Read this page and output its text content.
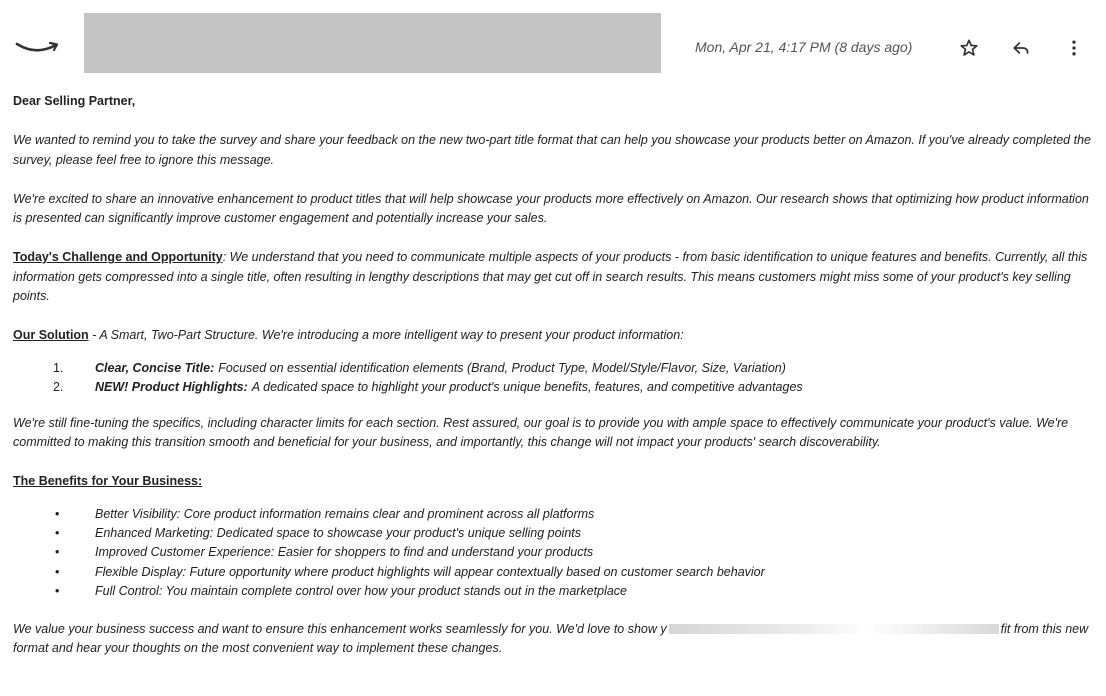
Mon, Apr 21, 4:17 PM (8 days ago)
Dear Selling Partner,

We wanted to remind you to take the survey and share your feedback on the new two-part title format that can help you showcase your products better on Amazon. If you've already completed the survey, please feel free to ignore this message.

We're excited to share an innovative enhancement to product titles that will help showcase your products more effectively on Amazon. Our research shows that optimizing how product information is presented can significantly improve customer engagement and potentially increase your sales.

Today's Challenge and Opportunity: We understand that you need to communicate multiple aspects of your products - from basic identification to unique features and benefits. Currently, all this information gets compressed into a single title, often resulting in lengthy descriptions that may get cut off in search results. This means customers might miss some of your product's key selling points.

Our Solution - A Smart, Two-Part Structure. We're introducing a more intelligent way to present your product information:

1.	Clear, Concise Title: Focused on essential identification elements (Brand, Product Type, Model/Style/Flavor, Size, Variation)
2.	NEW! Product Highlights: A dedicated space to highlight your product's unique benefits, features, and competitive advantages

We're still fine-tuning the specifics, including character limits for each section. Rest assured, our goal is to provide you with ample space to effectively communicate your product's value. We're committed to making this transition smooth and beneficial for your business, and importantly, this change will not impact your products' search discoverability.

The Benefits for Your Business:

•	Better Visibility: Core product information remains clear and prominent across all platforms
•	Enhanced Marketing: Dedicated space to showcase your product's unique selling points
•	Improved Customer Experience: Easier for shoppers to find and understand your products
•	Flexible Display: Future opportunity where product highlights will appear contextually based on customer search behavior
•	Full Control: You maintain complete control over how your product stands out in the marketplace

We value your business success and want to ensure this enhancement works seamlessly for you. We'd love to show y	fit from this new format and hear your thoughts on the most convenient way to implement these changes.
